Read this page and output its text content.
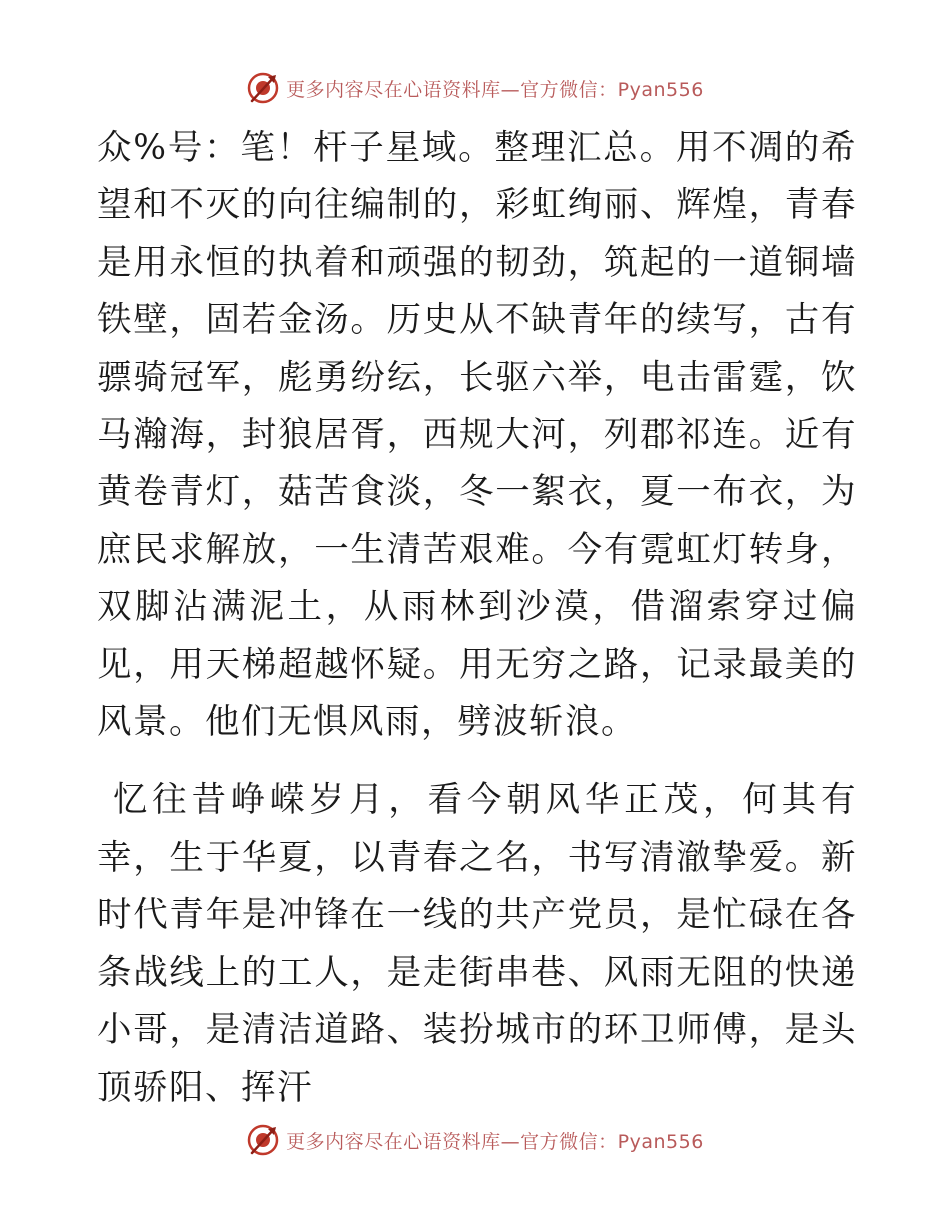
更多内容尽在心语资料库—官方微信：Pyan556

众%号：笔！杆子星域。整理汇总。用不凋的希望和不灭的向往编制的，彩虹绚丽、辉煌，青春是用永恒的执着和顽强的韧劲，筑起的一道铜墙铁壁，固若金汤。历史从不缺青年的续写，古有骠骑冠军，彪勇纷纭，长驱六举，电击雷霆，饮马瀚海，封狼居胥，西规大河，列郡祁连。近有黄卷青灯，菇苦食淡，冬一絮衣，夏一布衣，为庶民求解放，一生清苦艰难。今有霓虹灯转身，双脚沾满泥土，从雨林到沙漠，借溜索穿过偏见，用天梯超越怀疑。用无穷之路，记录最美的风景。他们无惧风雨，劈波斩浪。

忆往昔峥嵘岁月，看今朝风华正茂，何其有幸，生于华夏，以青春之名，书写清澈挚爱。新时代青年是冲锋在一线的共产党员，是忙碌在各条战线上的工人，是走街串巷、风雨无阻的快递小哥，是清洁道路、装扮城市的环卫师傅，是头顶骄阳、挥汗

更多内容尽在心语资料库—官方微信：Pyan556
